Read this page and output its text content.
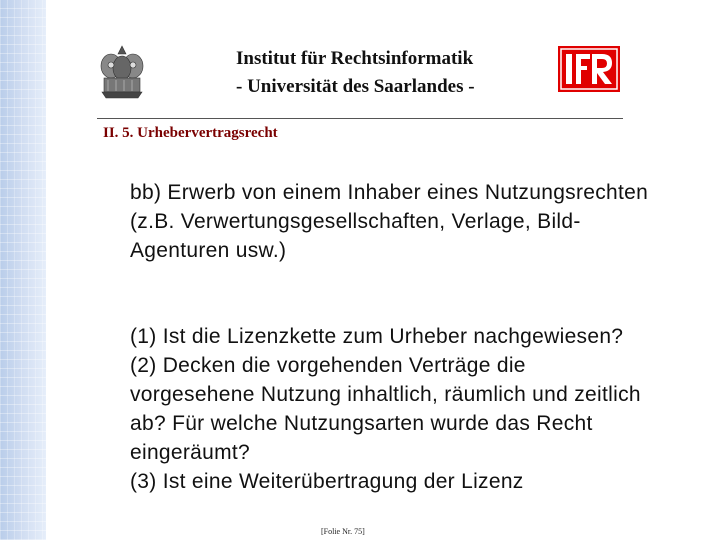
Institut für Rechtsinformatik
- Universität des Saarlandes -
II. 5. Urhebervertragsrecht
bb) Erwerb von einem Inhaber eines Nutzungsrechten (z.B. Verwertungsgesellschaften, Verlage, Bild-Agenturen usw.)
(1) Ist die Lizenzkette zum Urheber nachgewiesen?
(2) Decken die vorgehenden Verträge die vorgesehene Nutzung inhaltlich, räumlich und zeitlich ab? Für welche Nutzungsarten wurde das Recht eingeräumt?
(3) Ist eine Weiterübertragung der Lizenz
[Folie Nr. 75]
